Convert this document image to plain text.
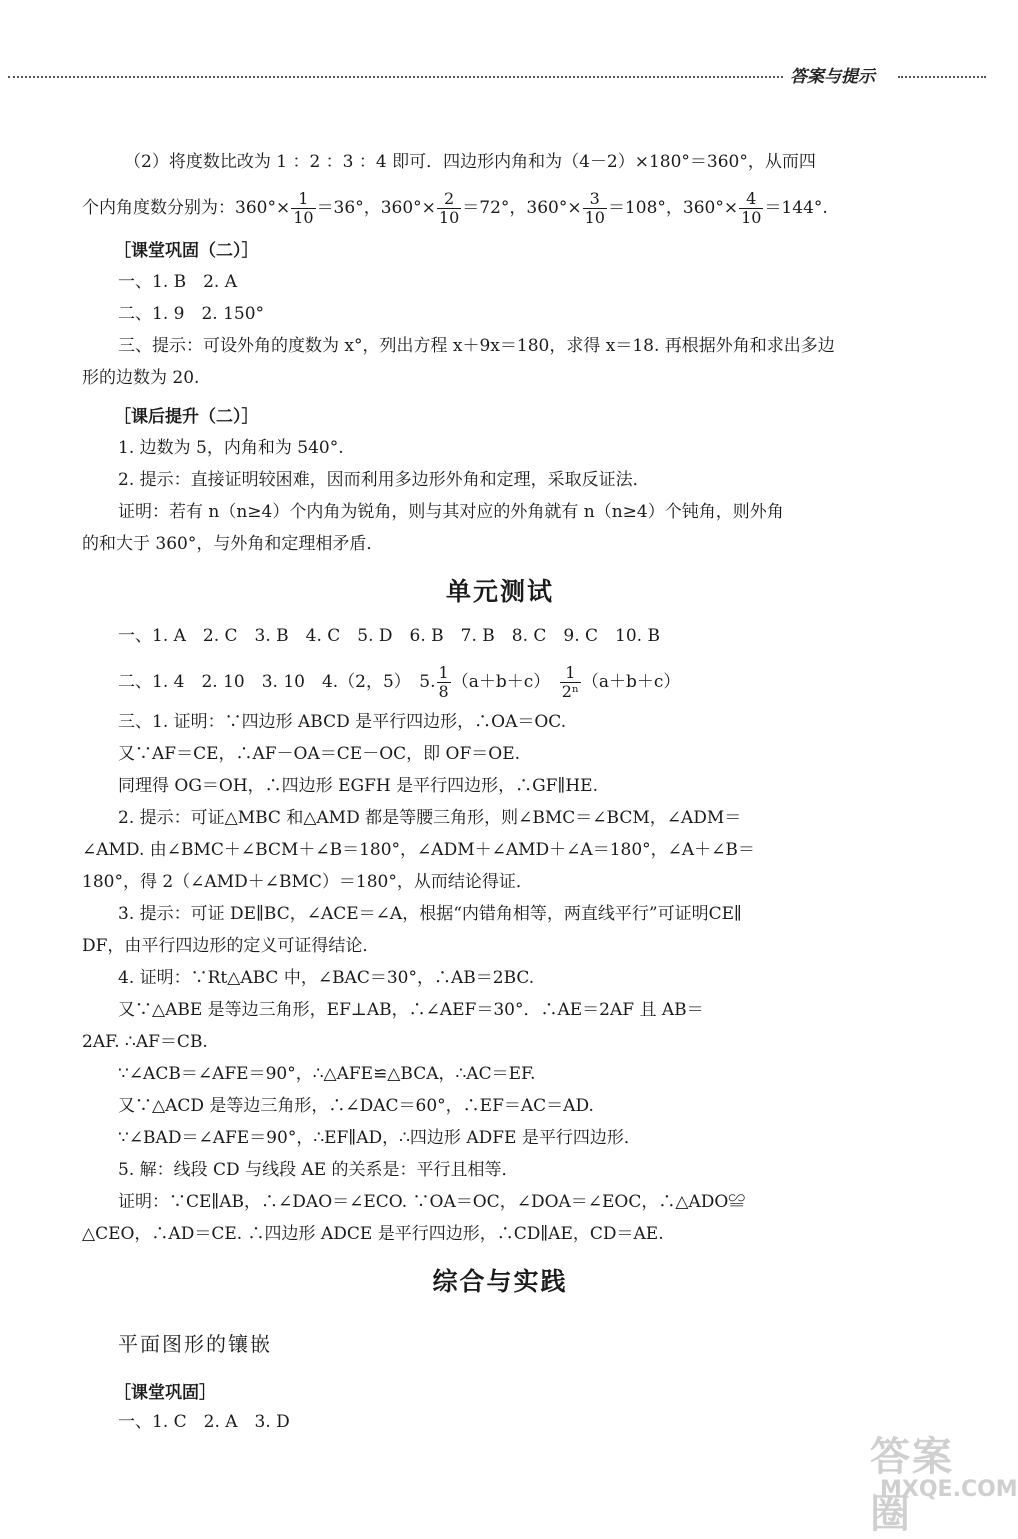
答案与提示
（2）将度数比改为 1 ：2 ：3 ：4 即可．四边形内角和为（4－2）×180°＝360°，从而四
个内角度数分别为：$360^\circ\times \frac{1}{10} =36^\circ$，$360^\circ\times \frac{2}{10} =72^\circ$，$360^\circ\times \frac{3}{10} =108^\circ$，$360^\circ\times \frac{4}{10} =144^\circ$.
［课堂巩固（二）］
一、1. B　2. A
二、1. 9　2. 150°
三、提示：可设外角的度数为 x°，列出方程 x＋9x＝180，求得 x＝18. 再根据外角和求出多边
形的边数为 20.
［课后提升（二）］
1. 边数为 5，内角和为 540°.
2. 提示：直接证明较困难，因而利用多边形外角和定理，采取反证法．
证明：若有 n（n≥4）个内角为锐角，则与其对应的外角就有 n（n≥4）个钝角，则外角
的和大于 360°，与外角和定理相矛盾．
单元测试
一、1. A　2. C　3. B　4. C　5. D　6. B　7. B　8. C　9. C　10. B
二、1. 4　2. 10　3. 10　4.（2，5）　5. $\frac{1}{8} (a+b+c)$　 $\frac{1}{\text{2ⁿ}} (a+b+c)$
三、1. 证明：∵四边形 ABCD 是平行四边形，∴OA＝OC.
又∵AF＝CE，∴AF－OA＝CE－OC，即 OF＝OE.
同理得 OG＝OH，∴四边形 EGFH 是平行四边形，∴GF∥HE.
2. 提示：可证△MBC 和△AMD 都是等腰三角形，则∠BMC＝∠BCM，∠ADM＝
∠AMD. 由∠BMC＋∠BCM＋∠B＝180°，∠ADM＋∠AMD＋∠A＝180°，∠A＋∠B＝
180°，得 2（∠AMD＋∠BMC）＝180°，从而结论得证．
3. 提示：可证 DE∥BC，∠ACE＝∠A，根据“内错角相等，两直线平行”可证明CE∥
DF，由平行四边形的定义可证得结论．
4. 证明：∵Rt△ABC 中，∠BAC＝30°，∴AB＝2BC.
又∵△ABE 是等边三角形，EF⊥AB，∴∠AEF＝30°．∴AE＝2AF 且 AB＝
2AF. ∴AF＝CB.
∵∠ACB＝∠AFE＝90°，∴△AFE≌△BCA，∴AC＝EF.
又∵△ACD 是等边三角形，∴∠DAC＝60°，∴EF＝AC＝AD.
∵∠BAD＝∠AFE＝90°，∴EF∥AD，∴四边形 ADFE 是平行四边形．
5. 解：线段 CD 与线段 AE 的关系是：平行且相等．
证明：∵CE∥AB，∴∠DAO＝∠ECO. ∵OA＝OC，∠DOA＝∠EOC，∴△ADO≌
△CEO，∴AD＝CE. ∴四边形 ADCE 是平行四边形，∴CD∥AE，CD＝AE.
综合与实践
平面图形的镶嵌
［课堂巩固］
一、1. C　2. A　3. D
答案圈
MXQE.COM
